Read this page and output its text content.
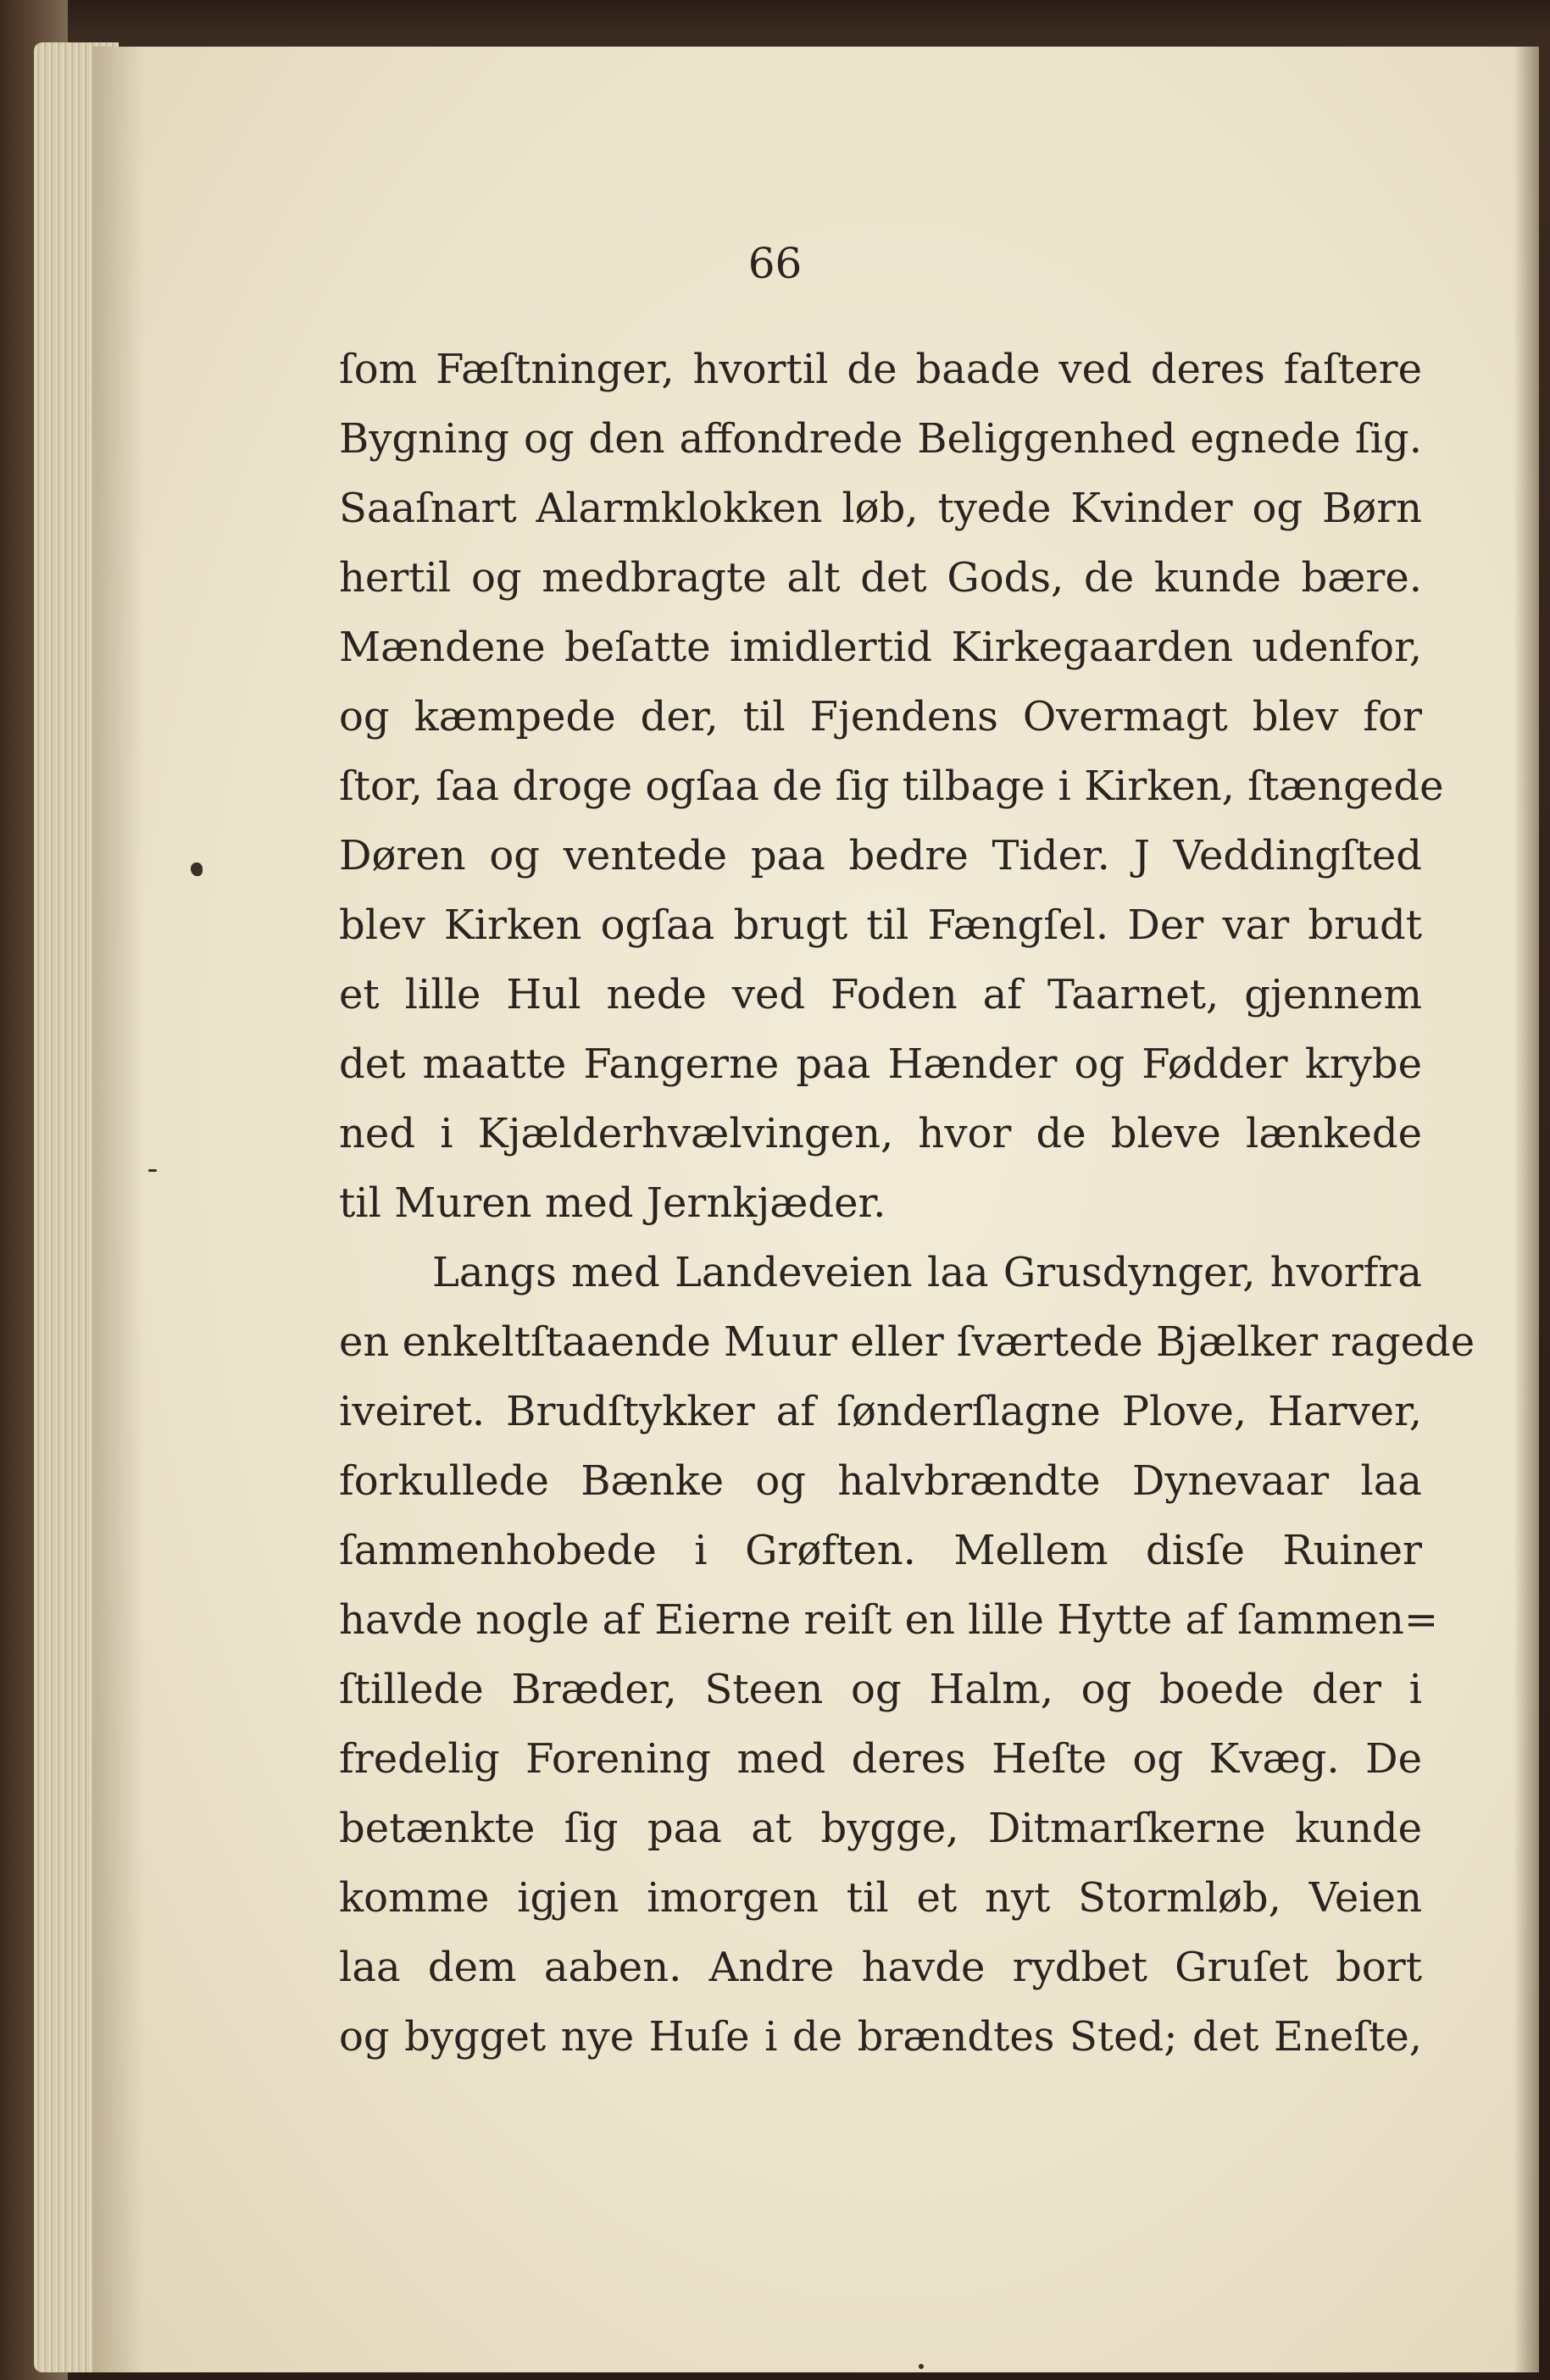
66
ſom Fæſtninger, hvortil de baade ved deres faſtere
Bygning og den affondrede Beliggenhed egnede ſig.
Saaſnart Alarmklokken løb, tyede Kvinder og Børn
hertil og medbragte alt det Gods, de kunde bære.
Mændene beſatte imidlertid Kirkegaarden udenfor,
og kæmpede der, til Fjendens Overmagt blev for
ſtor, ſaa droge ogſaa de ſig tilbage i Kirken, ſtængede
Døren og ventede paa bedre Tider. J Veddingſted
blev Kirken ogſaa brugt til Fængſel. Der var brudt
et lille Hul nede ved Foden af Taarnet, gjennem
det maatte Fangerne paa Hænder og Fødder krybe
ned i Kjælderhvælvingen, hvor de bleve lænkede
til Muren med Jernkjæder.
Langs med Landeveien laa Grusdynger, hvorfra
en enkeltſtaaende Muur eller ſværtede Bjælker ragede
iveiret. Brudſtykker af ſønderſlagne Plove, Harver,
forkullede Bænke og halvbrændte Dynevaar laa
ſammenhobede i Grøften. Mellem disſe Ruiner
havde nogle af Eierne reiſt en lille Hytte af ſammen=
ſtillede Bræder, Steen og Halm, og boede der i
fredelig Forening med deres Heſte og Kvæg. De
betænkte ſig paa at bygge, Ditmarſkerne kunde
komme igjen imorgen til et nyt Stormløb, Veien
laa dem aaben. Andre havde rydbet Gruſet bort
og bygget nye Huſe i de brændtes Sted; det Eneſte,
